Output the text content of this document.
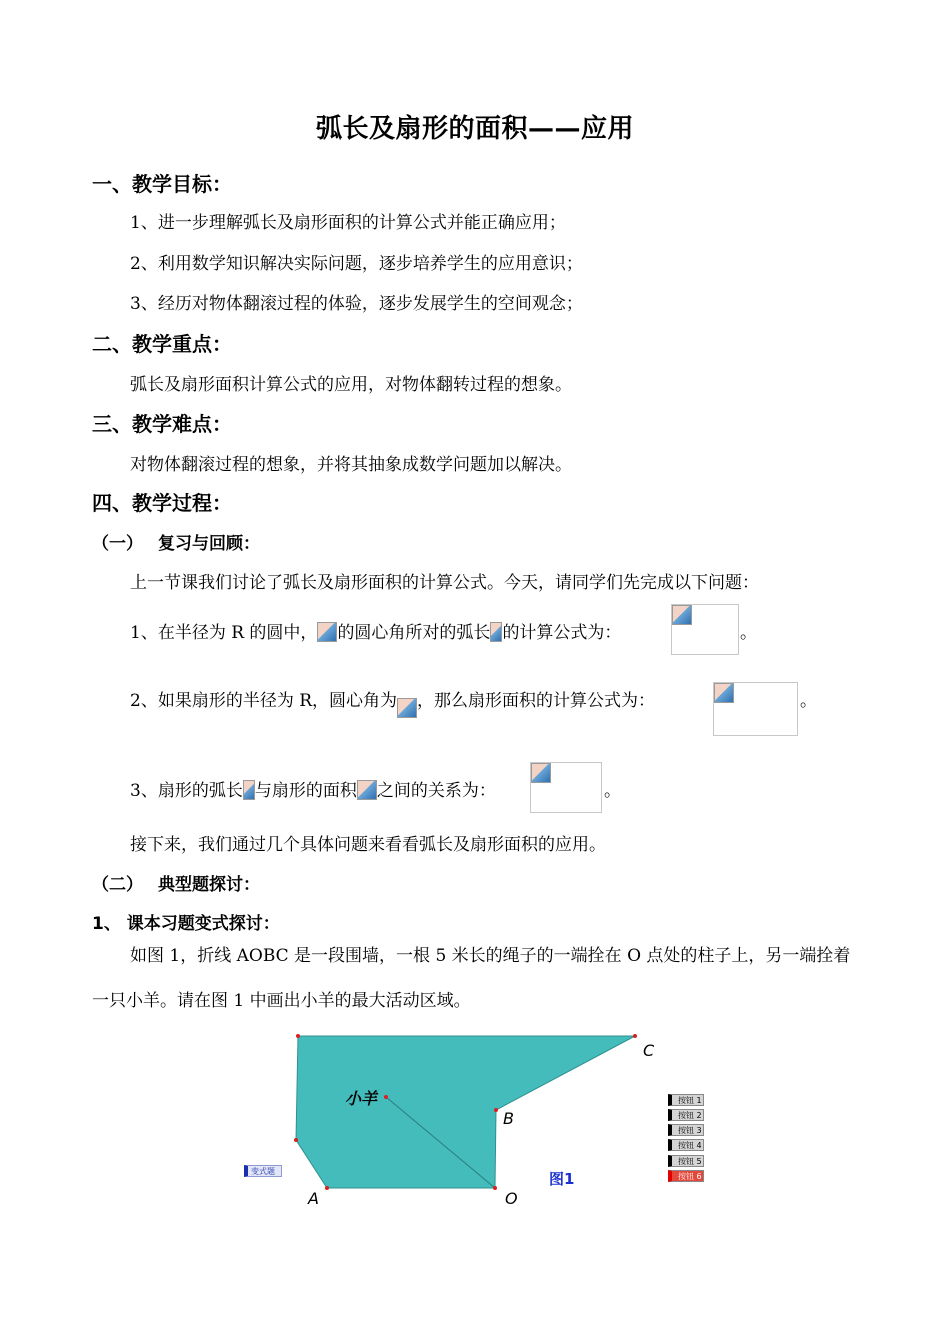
弧长及扇形的面积——应用
一、教学目标：
1、进一步理解弧长及扇形面积的计算公式并能正确应用；
2、利用数学知识解决实际问题，逐步培养学生的应用意识；
3、经历对物体翻滚过程的体验，逐步发展学生的空间观念；
二、教学重点：
弧长及扇形面积计算公式的应用，对物体翻转过程的想象。
三、教学难点：
对物体翻滚过程的想象，并将其抽象成数学问题加以解决。
四、教学过程：
（一） 复习与回顾：
上一节课我们讨论了弧长及扇形面积的计算公式。今天，请同学们先完成以下问题：
1、在半径为 R 的圆中， 的圆心角所对的弧长 的计算公式为：	。
2、如果扇形的半径为 R，圆心角为 ，那么扇形面积的计算公式为：	。
3、扇形的弧长 与扇形的面积 之间的关系为：	。
接下来，我们通过几个具体问题来看看弧长及扇形面积的应用。
（二） 典型题探讨：
1、 课本习题变式探讨：
如图 1，折线 AOBC 是一段围墙，一根 5 米长的绳子的一端拴在 O 点处的柱子上，另一端拴着一只小羊。请在图 1 中画出小羊的最大活动区域。
C
B
O
A
小羊
图1
变式题
按钮 1
按钮 2
按钮 3
按钮 4
按钮 5
按钮 6
